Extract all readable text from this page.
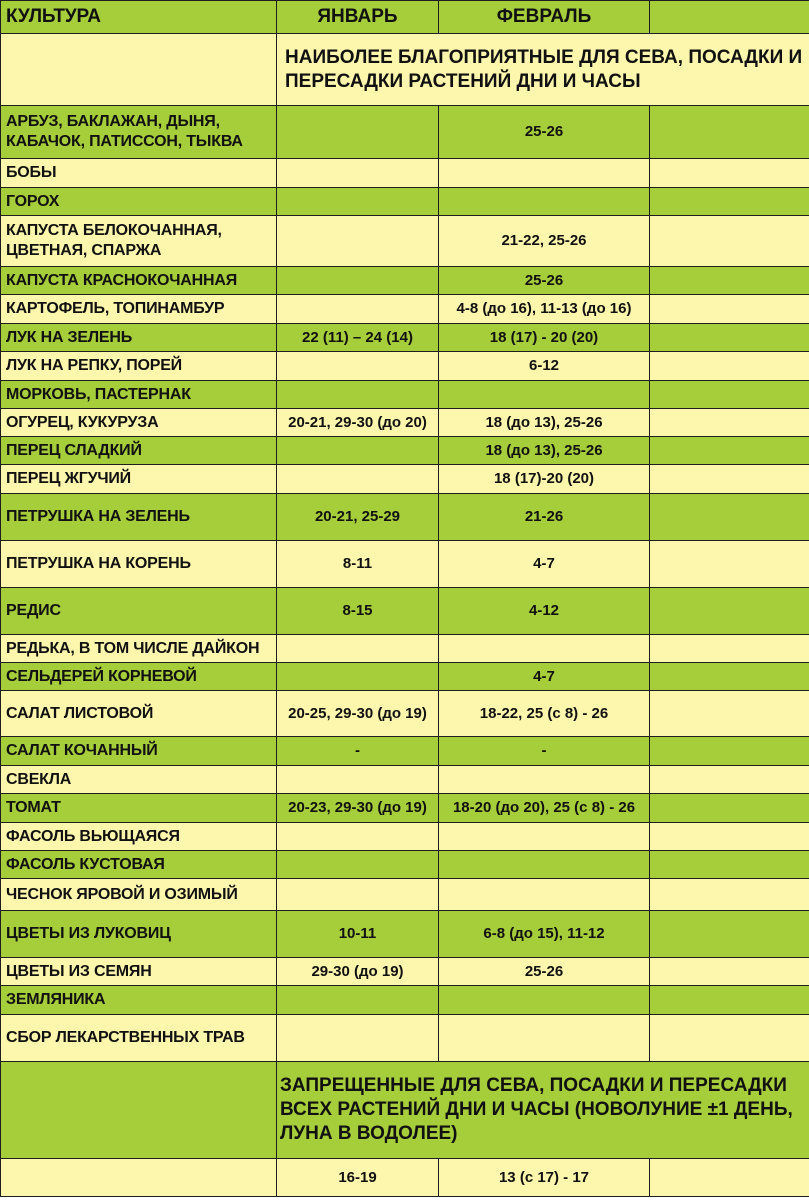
КУЛЬТУРА	ЯНВАРЬ	ФЕВРАЛЬ	
	НАИБОЛЕЕ БЛАГОПРИЯТНЫЕ ДЛЯ СЕВА, ПОСАДКИ И ПЕРЕСАДКИ РАСТЕНИЙ ДНИ И ЧАСЫ		
АРБУЗ, БАКЛАЖАН, ДЫНЯ, КАБАЧОК, ПАТИССОН, ТЫКВА		25-26	
БОБЫ			
ГОРОХ			
КАПУСТА БЕЛОКОЧАННАЯ, ЦВЕТНАЯ, СПАРЖА		21-22, 25-26	
КАПУСТА КРАСНОКОЧАННАЯ		25-26	
КАРТОФЕЛЬ, ТОПИНАМБУР		4-8 (до 16), 11-13 (до 16)	
ЛУК НА ЗЕЛЕНЬ	22 (11) – 24 (14)	18 (17) - 20 (20)	
ЛУК НА РЕПКУ, ПОРЕЙ		6-12	
МОРКОВЬ, ПАСТЕРНАК			
ОГУРЕЦ, КУКУРУЗА	20-21, 29-30 (до 20)	18 (до 13), 25-26	
ПЕРЕЦ СЛАДКИЙ		18 (до 13), 25-26	
ПЕРЕЦ ЖГУЧИЙ		18 (17)-20 (20)	
ПЕТРУШКА НА ЗЕЛЕНЬ	20-21, 25-29	21-26	
ПЕТРУШКА НА КОРЕНЬ	8-11	4-7	
РЕДИС	8-15	4-12	
РЕДЬКА, В ТОМ ЧИСЛЕ ДАЙКОН			
СЕЛЬДЕРЕЙ КОРНЕВОЙ		4-7	
САЛАТ ЛИСТОВОЙ	20-25, 29-30 (до 19)	18-22, 25 (с 8) - 26	
САЛАТ КОЧАННЫЙ	-	-	
СВЕКЛА			
ТОМАТ	20-23, 29-30 (до 19)	18-20 (до 20), 25 (с 8) - 26	
ФАСОЛЬ ВЬЮЩАЯСЯ			
ФАСОЛЬ КУСТОВАЯ			
ЧЕСНОК ЯРОВОЙ И ОЗИМЫЙ			
ЦВЕТЫ ИЗ ЛУКОВИЦ	10-11	6-8 (до 15), 11-12	
ЦВЕТЫ ИЗ СЕМЯН	29-30 (до 19)	25-26	
ЗЕМЛЯНИКА			
СБОР ЛЕКАРСТВЕННЫХ ТРАВ			
	ЗАПРЕЩЕННЫЕ ДЛЯ СЕВА, ПОСАДКИ И ПЕРЕСАДКИ ВСЕХ РАСТЕНИЙ ДНИ И ЧАСЫ (НОВОЛУНИЕ ±1 ДЕНЬ, ЛУНА В ВОДОЛЕЕ)		
	16-19	13 (с 17) - 17	
